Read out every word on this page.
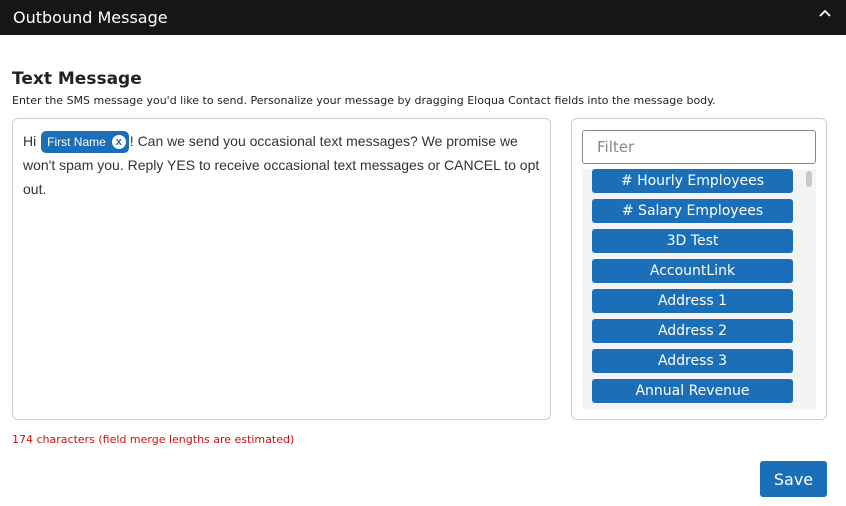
Outbound Message
Text Message
Enter the SMS message you'd like to send. Personalize your message by dragging Eloqua Contact fields into the message body.
Hi First Name x ! Can we send you occasional text messages? We promise we won't spam you. Reply YES to receive occasional text messages or CANCEL to opt out.
Filter
# Hourly Employees
# Salary Employees
3D Test
AccountLink
Address 1
Address 2
Address 3
Annual Revenue
174 characters (field merge lengths are estimated)
Save
